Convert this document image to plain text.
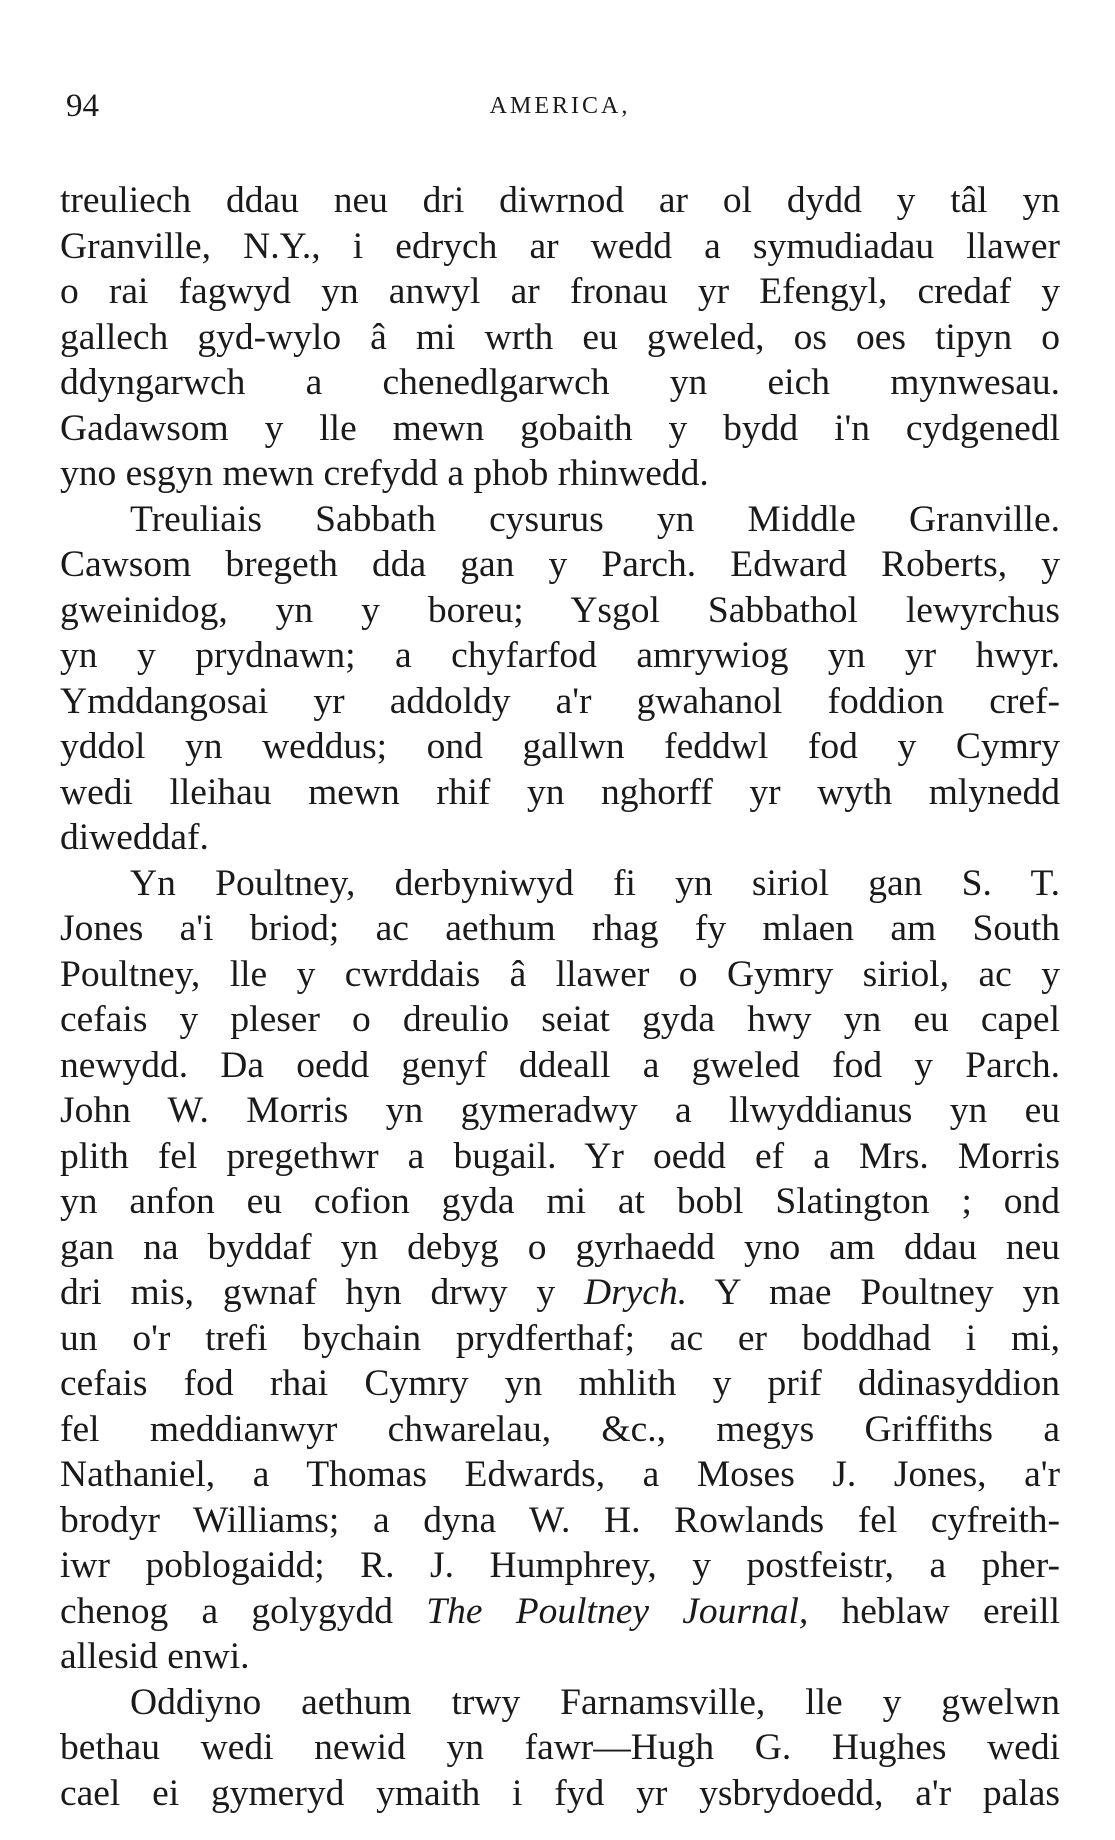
94	AMERICA,

treuliech ddau neu dri diwrnod ar ol dydd y tâl yn
Granville, N.Y., i edrych ar wedd a symudiadau llawer
o rai fagwyd yn anwyl ar fronau yr Efengyl, credaf y
gallech gyd-wylo â mi wrth eu gweled, os oes tipyn o
ddyngarwch a chenedlgarwch yn eich mynwesau.
Gadawsom y lle mewn gobaith y bydd i'n cydgenedl
yno esgyn mewn crefydd a phob rhinwedd.

Treuliais Sabbath cysurus yn Middle Granville.
Cawsom bregeth dda gan y Parch. Edward Roberts, y
gweinidog, yn y boreu; Ysgol Sabbathol lewyrchus
yn y prydnawn; a chyfarfod amrywiog yn yr hwyr.
Ymddangosai yr addoldy a'r gwahanol foddion cref-
yddol yn weddus; ond gallwn feddwl fod y Cymry
wedi lleihau mewn rhif yn nghorff yr wyth mlynedd
diweddaf.

Yn Poultney, derbyniwyd fi yn siriol gan S. T.
Jones a'i briod; ac aethum rhag fy mlaen am South
Poultney, lle y cwrddais â llawer o Gymry siriol, ac y
cefais y pleser o dreulio seiat gyda hwy yn eu capel
newydd. Da oedd genyf ddeall a gweled fod y Parch.
John W. Morris yn gymeradwy a llwyddianus yn eu
plith fel pregethwr a bugail. Yr oedd ef a Mrs. Morris
yn anfon eu cofion gyda mi at bobl Slatington ; ond
gan na byddaf yn debyg o gyrhaedd yno am ddau neu
dri mis, gwnaf hyn drwy y Drych. Y mae Poultney yn
un o'r trefi bychain prydferthaf; ac er boddhad i mi,
cefais fod rhai Cymry yn mhlith y prif ddinasyddion
fel meddianwyr chwarelau, &c., megys Griffiths a
Nathaniel, a Thomas Edwards, a Moses J. Jones, a'r
brodyr Williams; a dyna W. H. Rowlands fel cyfreith-
iwr poblogaidd; R. J. Humphrey, y postfeistr, a pher-
chenog a golygydd The Poultney Journal, heblaw ereill
allesid enwi.

Oddiyno aethum trwy Farnamsville, lle y gwelwn
bethau wedi newid yn fawr—Hugh G. Hughes wedi
cael ei gymeryd ymaith i fyd yr ysbrydoedd, a'r palas
